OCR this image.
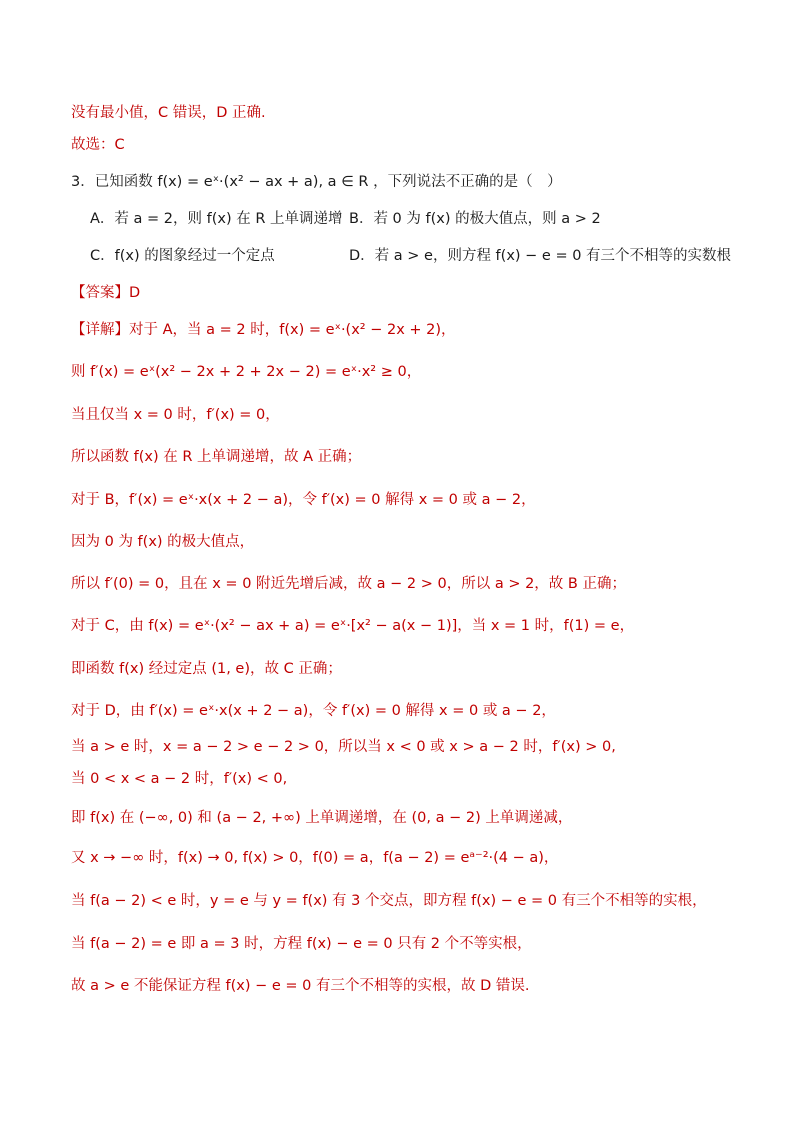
没有最小值，C 错误，D 正确.
故选：C
3．已知函数 f(x) = eˣ·(x² − ax + a), a ∈ R ，下列说法不正确的是（　）
A．若 a = 2，则 f(x) 在 R 上单调递增 B．若 0 为 f(x) 的极大值点，则 a > 2
C．f(x) 的图象经过一个定点	D．若 a > e，则方程 f(x) − e = 0 有三个不相等的实数根
【答案】D
【详解】对于 A，当 a = 2 时，f(x) = eˣ·(x² − 2x + 2)，
则 f′(x) = eˣ(x² − 2x + 2 + 2x − 2) = eˣ·x² ≥ 0，
当且仅当 x = 0 时，f′(x) = 0，
所以函数 f(x) 在 R 上单调递增，故 A 正确；
对于 B，f′(x) = eˣ·x(x + 2 − a)，令 f′(x) = 0 解得 x = 0 或 a − 2，
因为 0 为 f(x) 的极大值点，
所以 f′(0) = 0，且在 x = 0 附近先增后减，故 a − 2 > 0，所以 a > 2，故 B 正确；
对于 C，由 f(x) = eˣ·(x² − ax + a) = eˣ·[x² − a(x − 1)]，当 x = 1 时，f(1) = e，
即函数 f(x) 经过定点 (1, e)，故 C 正确；
对于 D，由 f′(x) = eˣ·x(x + 2 − a)，令 f′(x) = 0 解得 x = 0 或 a − 2，
当 a > e 时，x = a − 2 > e − 2 > 0，所以当 x < 0 或 x > a − 2 时，f′(x) > 0,
当 0 < x < a − 2 时，f′(x) < 0,
即 f(x) 在 (−∞, 0) 和 (a − 2, +∞) 上单调递增，在 (0, a − 2) 上单调递减，
又 x → −∞ 时，f(x) → 0, f(x) > 0，f(0) = a，f(a − 2) = eᵃ⁻²·(4 − a)，
当 f(a − 2) < e 时，y = e 与 y = f(x) 有 3 个交点，即方程 f(x) − e = 0 有三个不相等的实根，
当 f(a − 2) = e 即 a = 3 时，方程 f(x) − e = 0 只有 2 个不等实根，
故 a > e 不能保证方程 f(x) − e = 0 有三个不相等的实根，故 D 错误.
